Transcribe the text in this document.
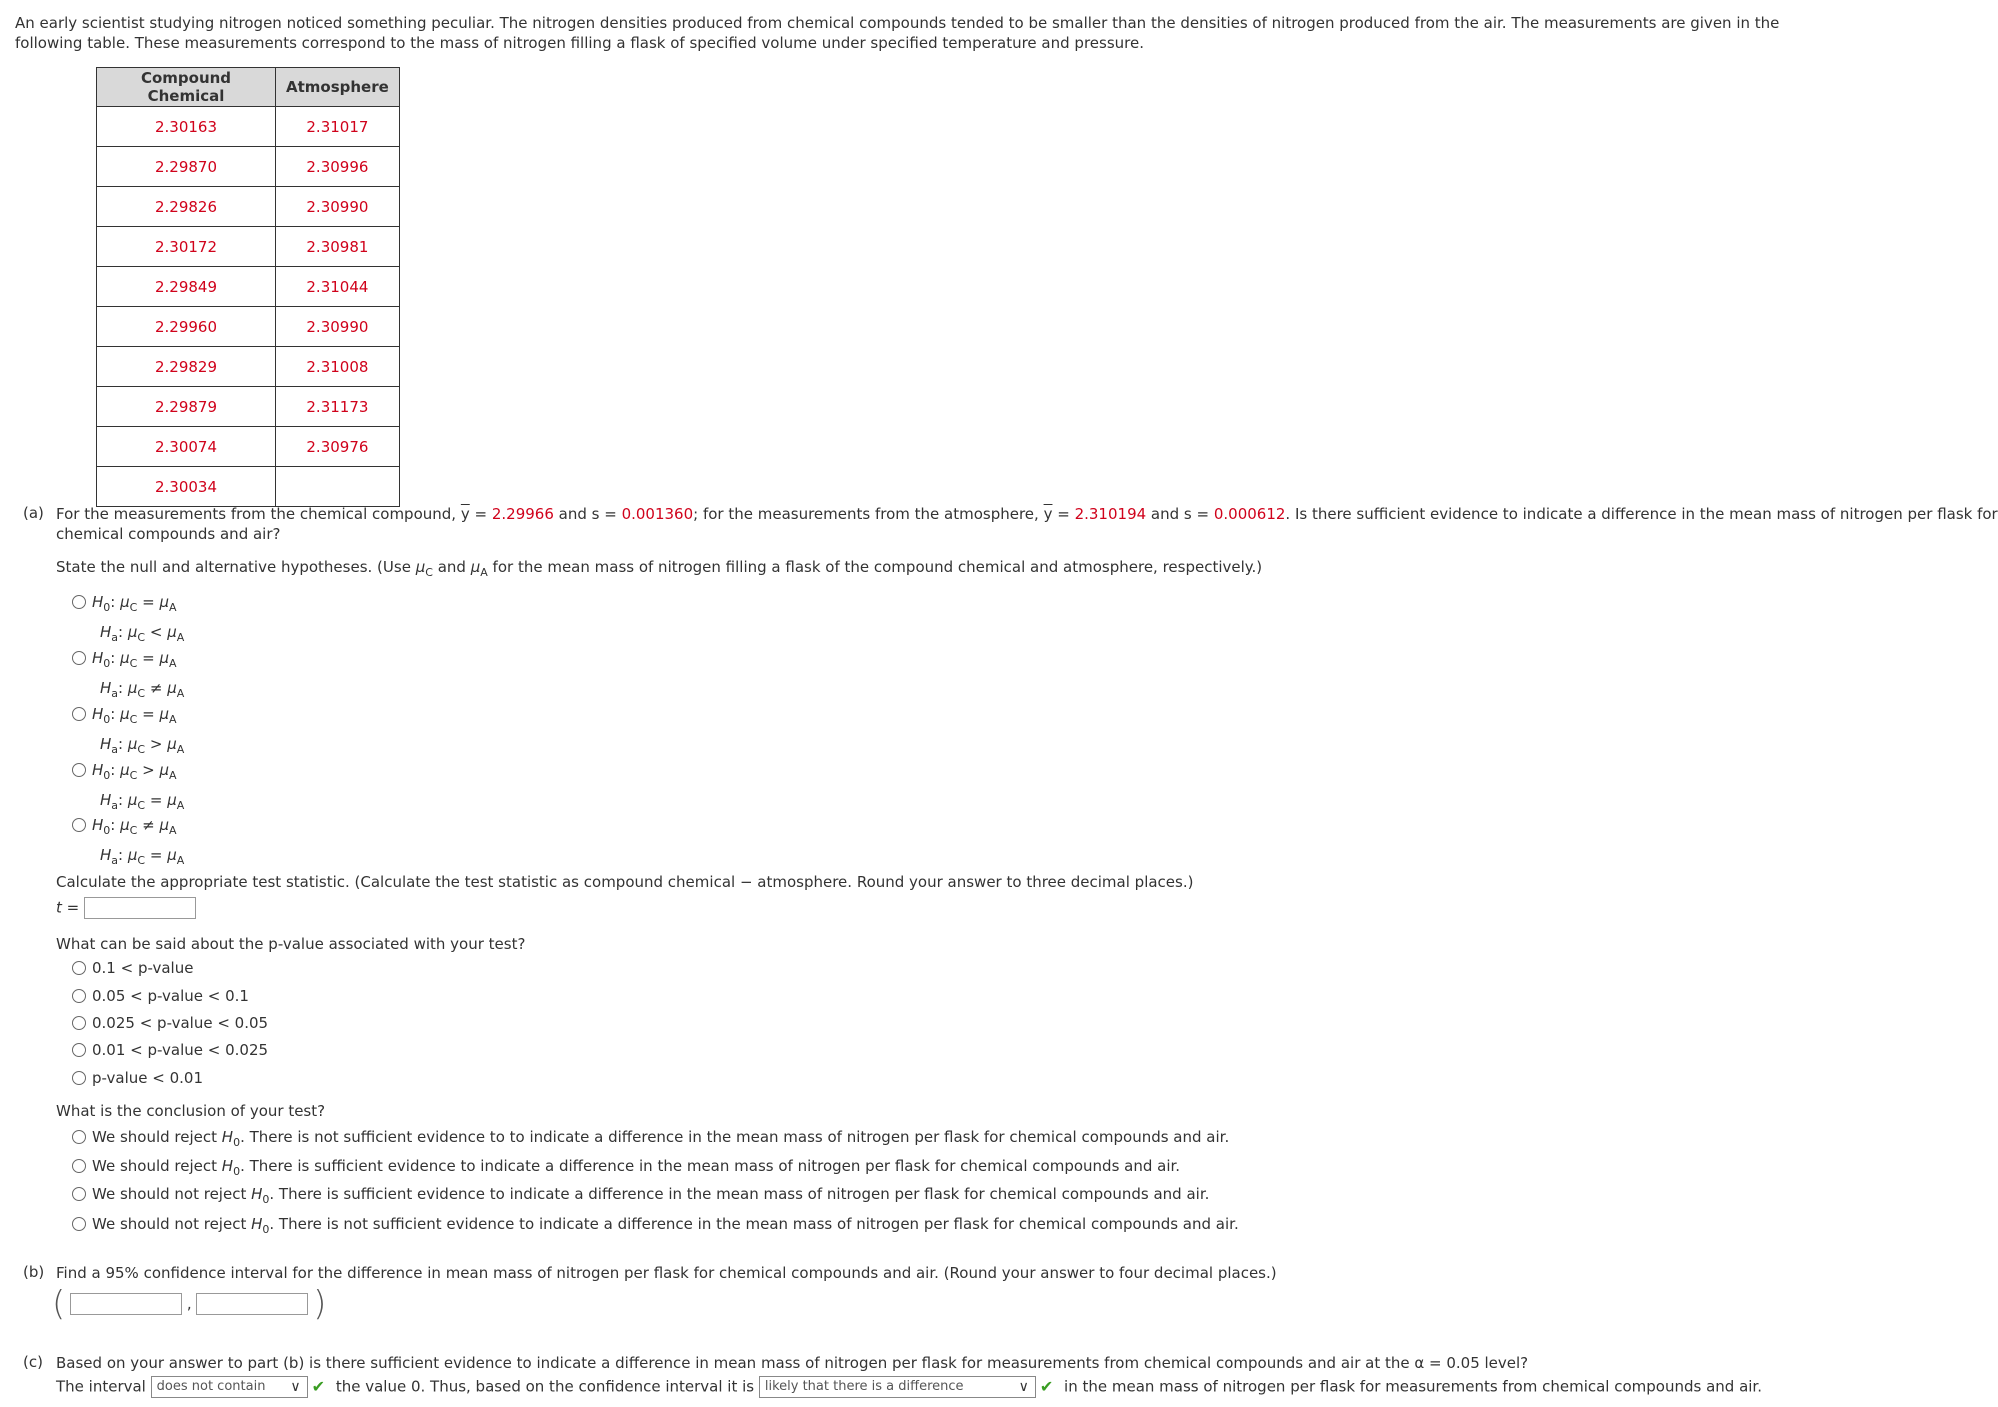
An early scientist studying nitrogen noticed something peculiar. The nitrogen densities produced from chemical compounds tended to be smaller than the densities of nitrogen produced from the air. The measurements are given in the following table. These measurements correspond to the mass of nitrogen filling a flask of specified volume under specified temperature and pressure.
Compound Chemical	Atmosphere
2.30163	2.31017
2.29870	2.30996
2.29826	2.30990
2.30172	2.30981
2.29849	2.31044
2.29960	2.30990
2.29829	2.31008
2.29879	2.31173
2.30074	2.30976
2.30034	
(a) For the measurements from the chemical compound, $\overline{y} = 2.29966$ and s = 0.001360; for the measurements from the atmosphere, $\overline{y} = 2.310194$ and s = 0.000612. Is there sufficient evidence to indicate a difference in the mean mass of nitrogen per flask for
chemical compounds and air?
State the null and alternative hypotheses. (Use $\mu_C$ and $\mu_A$ for the mean mass of nitrogen filling a flask of the compound chemical and atmosphere, respectively.)
$H_0$: $\mu_C = \mu_A$
$H_a$: $\mu_C < \mu_A$
$H_0$: $\mu_C = \mu_A$
$H_a$: $\mu_C \ne \mu_A$
$H_0$: $\mu_C = \mu_A$
$H_a$: $\mu_C > \mu_A$
$H_0$: $\mu_C > \mu_A$
$H_a$: $\mu_C = \mu_A$
$H_0$: $\mu_C \ne \mu_A$
$H_a$: $\mu_C = \mu_A$
Calculate the appropriate test statistic. (Calculate the test statistic as compound chemical − atmosphere. Round your answer to three decimal places.)
t =
What can be said about the p-value associated with your test?
0.1 < p-value
0.05 < p-value < 0.1
0.025 < p-value < 0.05
0.01 < p-value < 0.025
p-value < 0.01
What is the conclusion of your test?
We should reject $H_0$. There is not sufficient evidence to to indicate a difference in the mean mass of nitrogen per flask for chemical compounds and air.
We should reject $H_0$. There is sufficient evidence to indicate a difference in the mean mass of nitrogen per flask for chemical compounds and air.
We should not reject $H_0$. There is sufficient evidence to indicate a difference in the mean mass of nitrogen per flask for chemical compounds and air.
We should not reject $H_0$. There is not sufficient evidence to indicate a difference in the mean mass of nitrogen per flask for chemical compounds and air.
(b) Find a 95% confidence interval for the difference in mean mass of nitrogen per flask for chemical compounds and air. (Round your answer to four decimal places.)
(	,	)
(c) Based on your answer to part (b) is there sufficient evidence to indicate a difference in mean mass of nitrogen per flask for measurements from chemical compounds and air at the α = 0.05 level?
The interval does not contain ∨ ✔ the value 0. Thus, based on the confidence interval it is likely that there is a difference	∨ ✔ in the mean mass of nitrogen per flask for measurements from chemical compounds and air.
